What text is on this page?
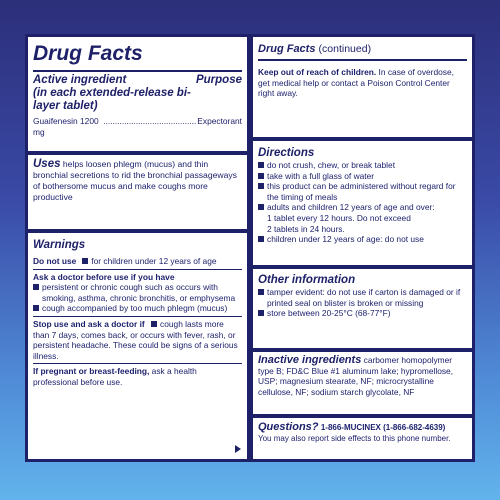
Drug Facts
Active ingredient	Purpose
(in each extended-release bi-layer tablet)
Guaifenesin 1200 mg
........................................ Expectorant
Uses helps loosen phlegm (mucus) and thin bronchial secretions to rid the bronchial passageways of bothersome mucus and make coughs more productive
Warnings
Do not use for children under 12 years of age
Ask a doctor before use if you have
persistent or chronic cough such as occurs with smoking, asthma, chronic bronchitis, or emphysema
cough accompanied by too much phlegm (mucus)
Stop use and ask a doctor if cough lasts more than 7 days, comes back, or occurs with fever, rash, or persistent headache. These could be signs of a serious illness.
If pregnant or breast-feeding, ask a health professional before use.
Drug Facts (continued)
Keep out of reach of children. In case of overdose, get medical help or contact a Poison Control Center right away.
Directions
do not crush, chew, or break tablet
take with a full glass of water
this product can be administered without regard for the timing of meals
adults and children 12 years of age and over:
1 tablet every 12 hours. Do not exceed
2 tablets in 24 hours.
children under 12 years of age: do not use
Other information
tamper evident: do not use if carton is damaged or if printed seal on blister is broken or missing
store between 20-25°C (68-77°F)
Inactive ingredients carbomer homopolymer type B; FD&C Blue #1 aluminum lake; hypromellose, USP; magnesium stearate, NF; microcrystalline cellulose, NF; sodium starch glycolate, NF
Questions? 1-866-MUCINEX (1-866-682-4639)
You may also report side effects to this phone number.
